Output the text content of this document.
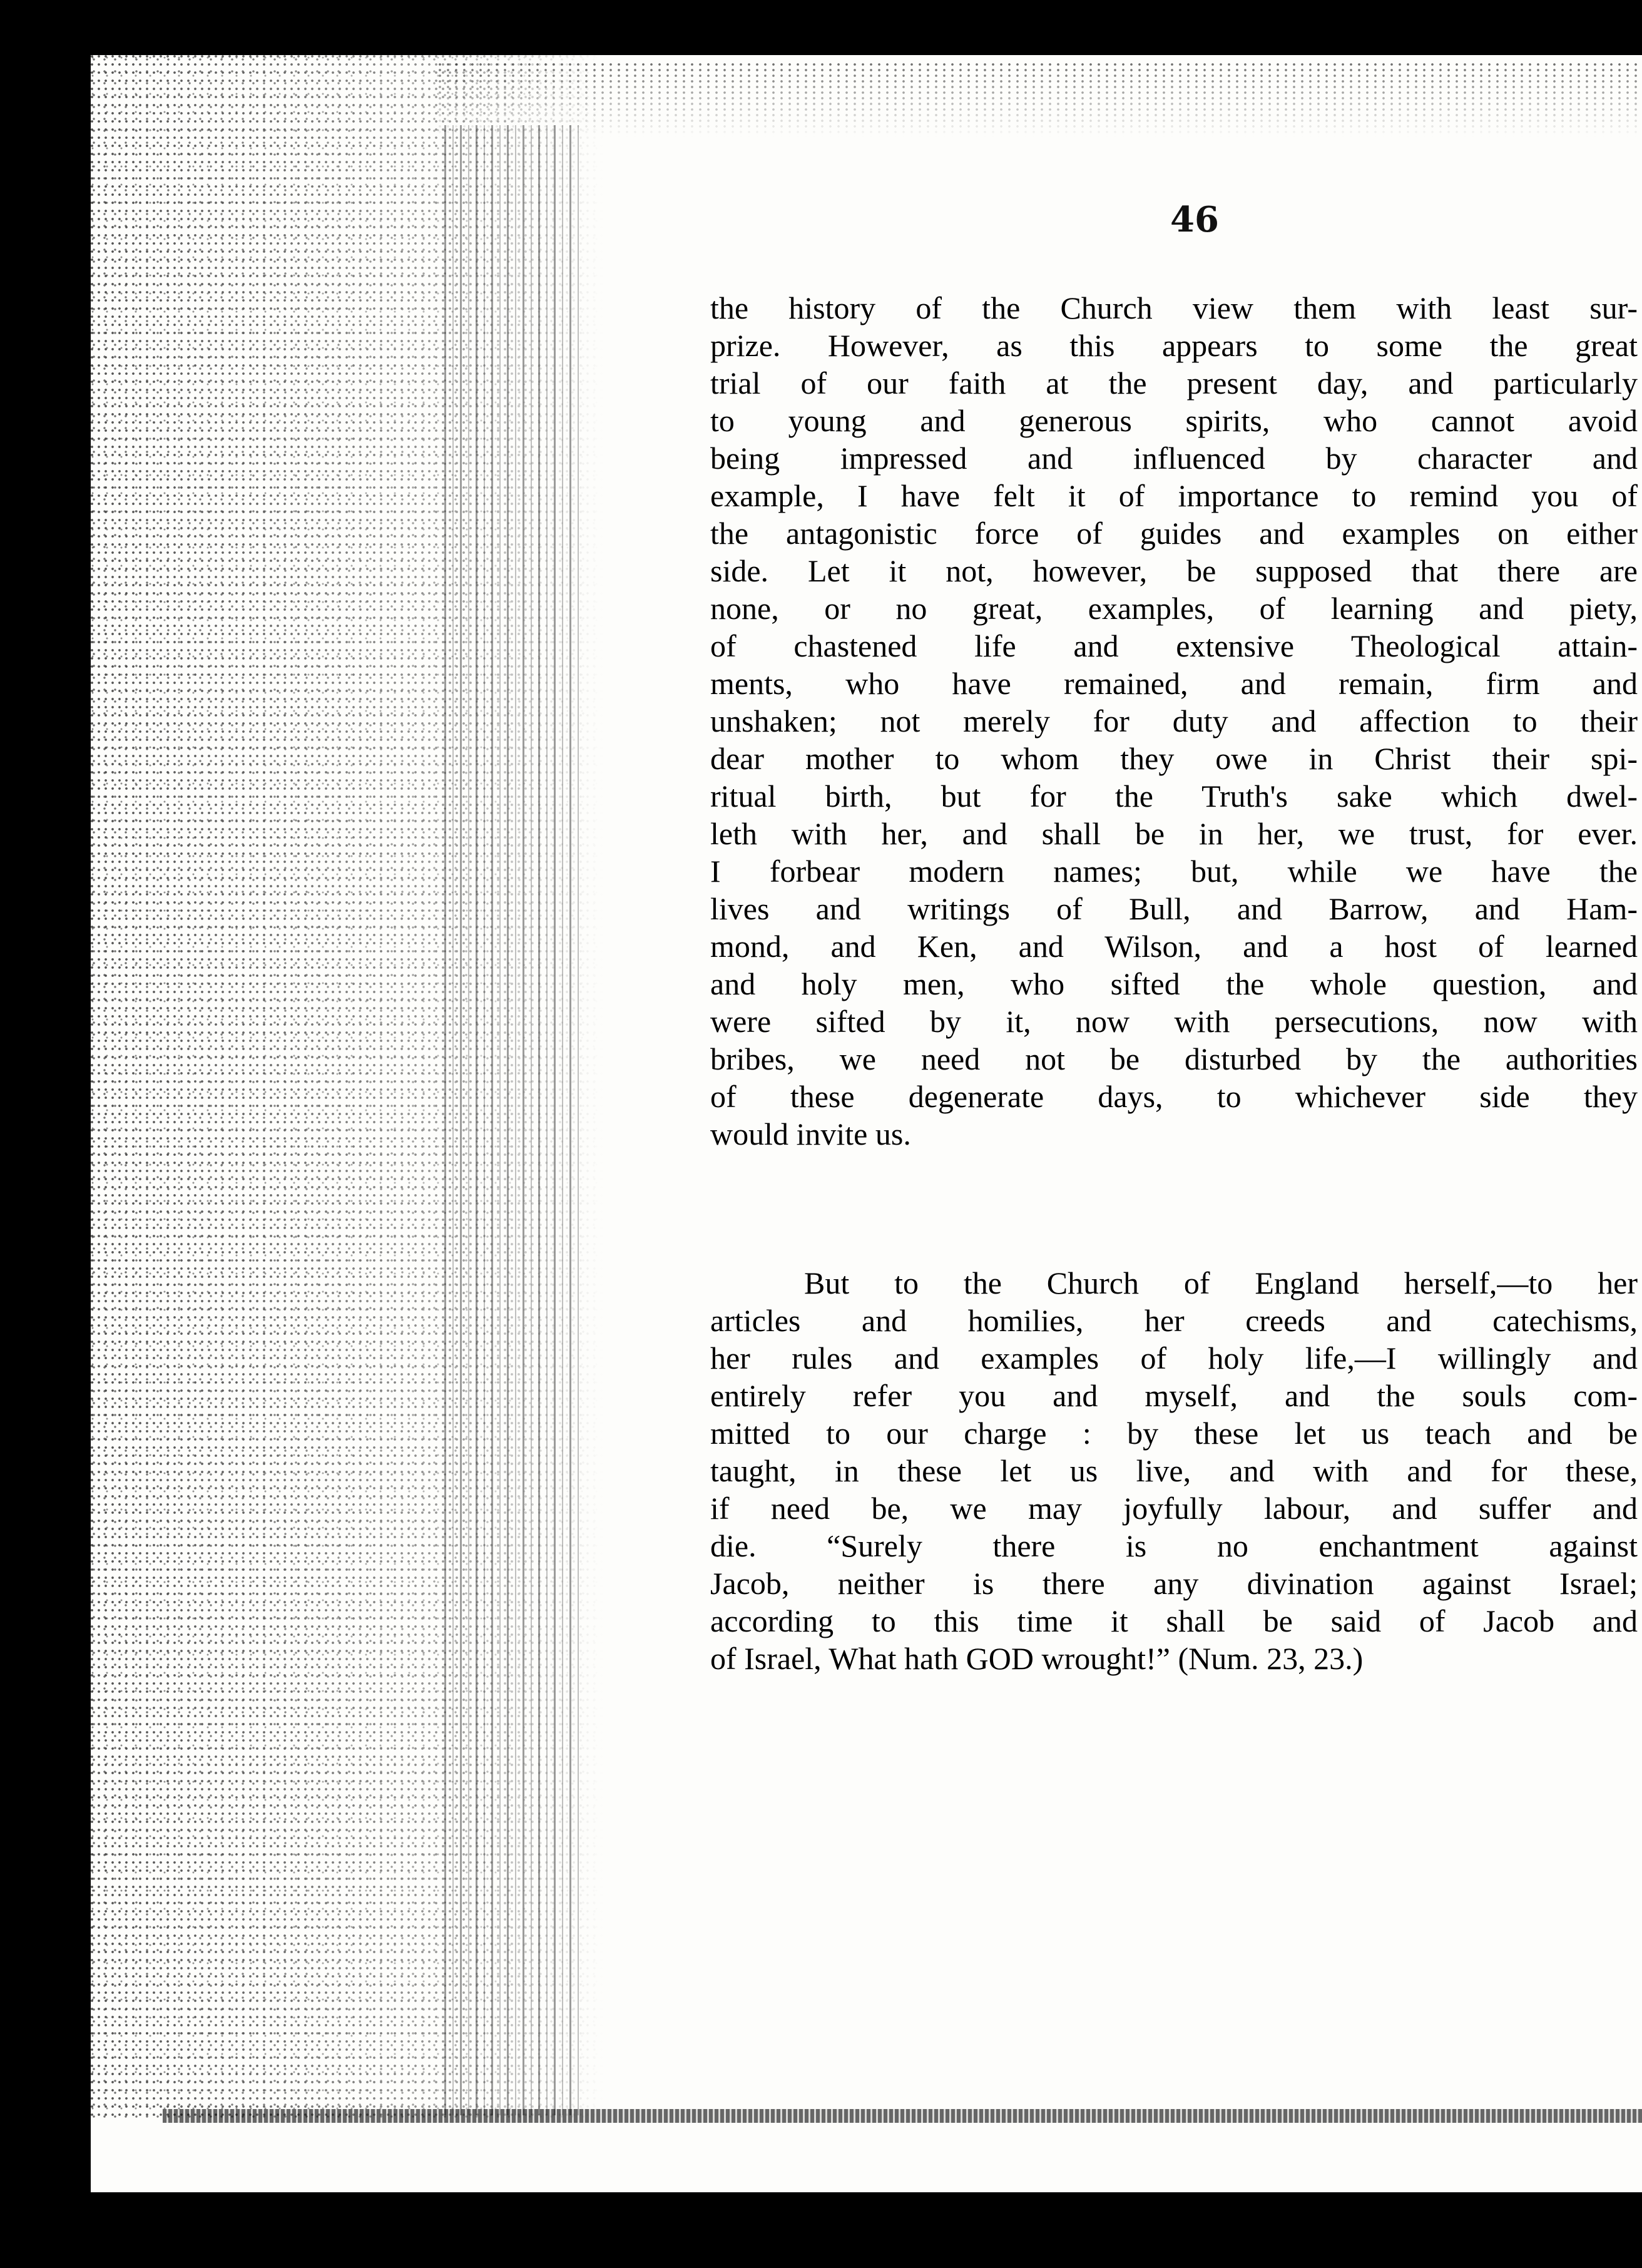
46
the history of the Church view them with least sur-
prize. However, as this appears to some the great
trial of our faith at the present day, and particularly
to young and generous spirits, who cannot avoid
being impressed and influenced by character and
example, I have felt it of importance to remind you of
the antagonistic force of guides and examples on either
side. Let it not, however, be supposed that there are
none, or no great, examples, of learning and piety,
of chastened life and extensive Theological attain-
ments, who have remained, and remain, firm and
unshaken; not merely for duty and affection to their
dear mother to whom they owe in Christ their spi-
ritual birth, but for the Truth's sake which dwel-
leth with her, and shall be in her, we trust, for ever.
I forbear modern names; but, while we have the
lives and writings of Bull, and Barrow, and Ham-
mond, and Ken, and Wilson, and a host of learned
and holy men, who sifted the whole question, and
were sifted by it, now with persecutions, now with
bribes, we need not be disturbed by the authorities
of these degenerate days, to whichever side they
would invite us.
But to the Church of England herself,—to her
articles and homilies, her creeds and catechisms,
her rules and examples of holy life,—I willingly and
entirely refer you and myself, and the souls com-
mitted to our charge : by these let us teach and be
taught, in these let us live, and with and for these,
if need be, we may joyfully labour, and suffer and
die. “Surely there is no enchantment against
Jacob, neither is there any divination against Israel;
according to this time it shall be said of Jacob and
of Israel, What hath GOD wrought!” (Num. 23, 23.)
